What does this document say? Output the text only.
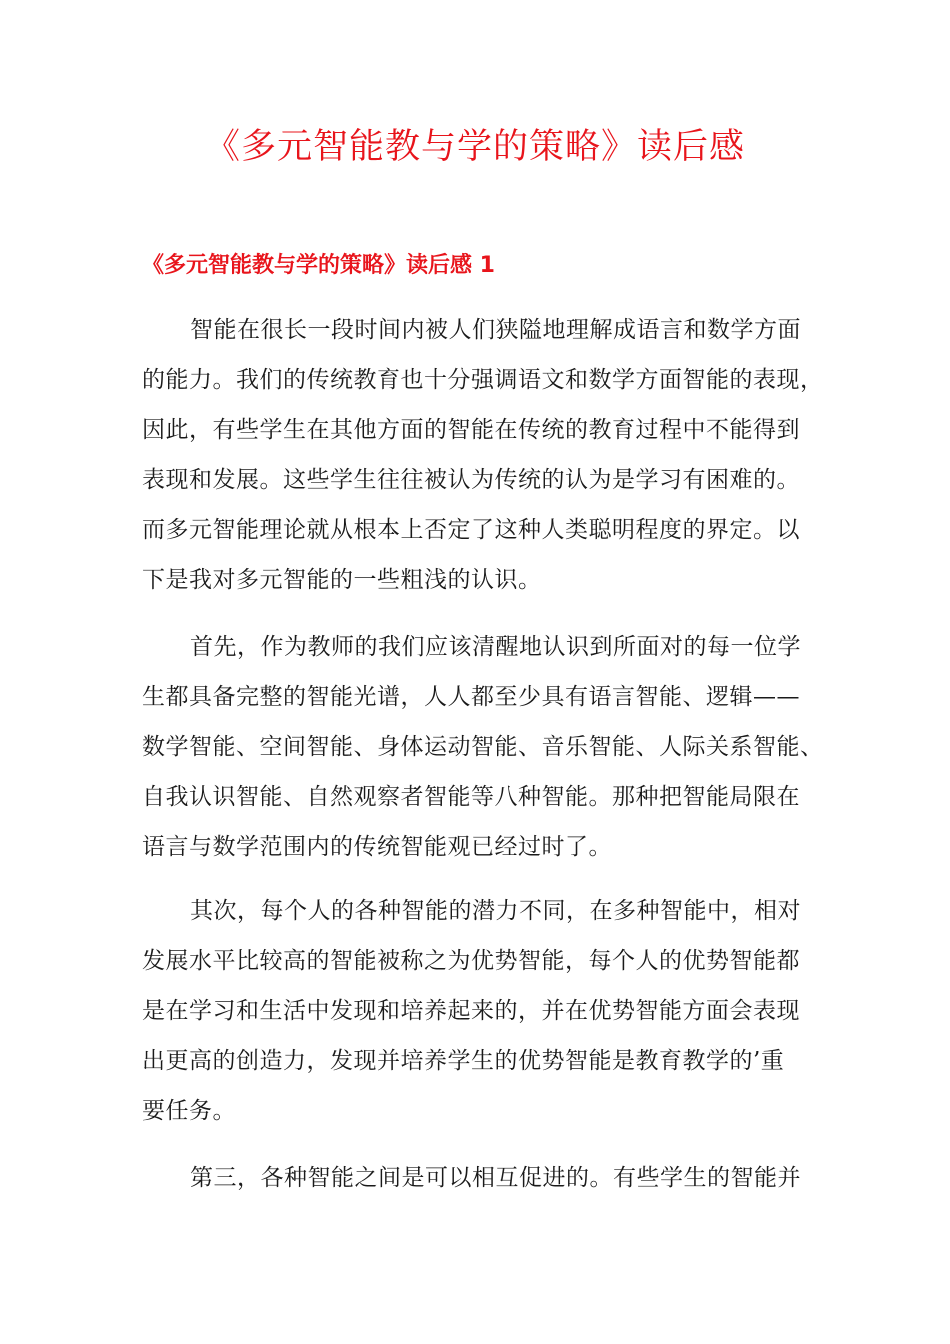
《多元智能教与学的策略》读后感
《多元智能教与学的策略》读后感 1
智能在很长一段时间内被人们狭隘地理解成语言和数学方面
的能力。我们的传统教育也十分强调语文和数学方面智能的表现，
因此，有些学生在其他方面的智能在传统的教育过程中不能得到
表现和发展。这些学生往往被认为传统的认为是学习有困难的。
而多元智能理论就从根本上否定了这种人类聪明程度的界定。以
下是我对多元智能的一些粗浅的认识。
首先，作为教师的我们应该清醒地认识到所面对的每一位学
生都具备完整的智能光谱，人人都至少具有语言智能、逻辑——
数学智能、空间智能、身体运动智能、音乐智能、人际关系智能、
自我认识智能、自然观察者智能等八种智能。那种把智能局限在
语言与数学范围内的传统智能观已经过时了。
其次，每个人的各种智能的潜力不同，在多种智能中，相对
发展水平比较高的智能被称之为优势智能，每个人的优势智能都
是在学习和生活中发现和培养起来的，并在优势智能方面会表现
出更高的创造力，发现并培养学生的优势智能是教育教学的’重
要任务。
第三，各种智能之间是可以相互促进的。有些学生的智能并
